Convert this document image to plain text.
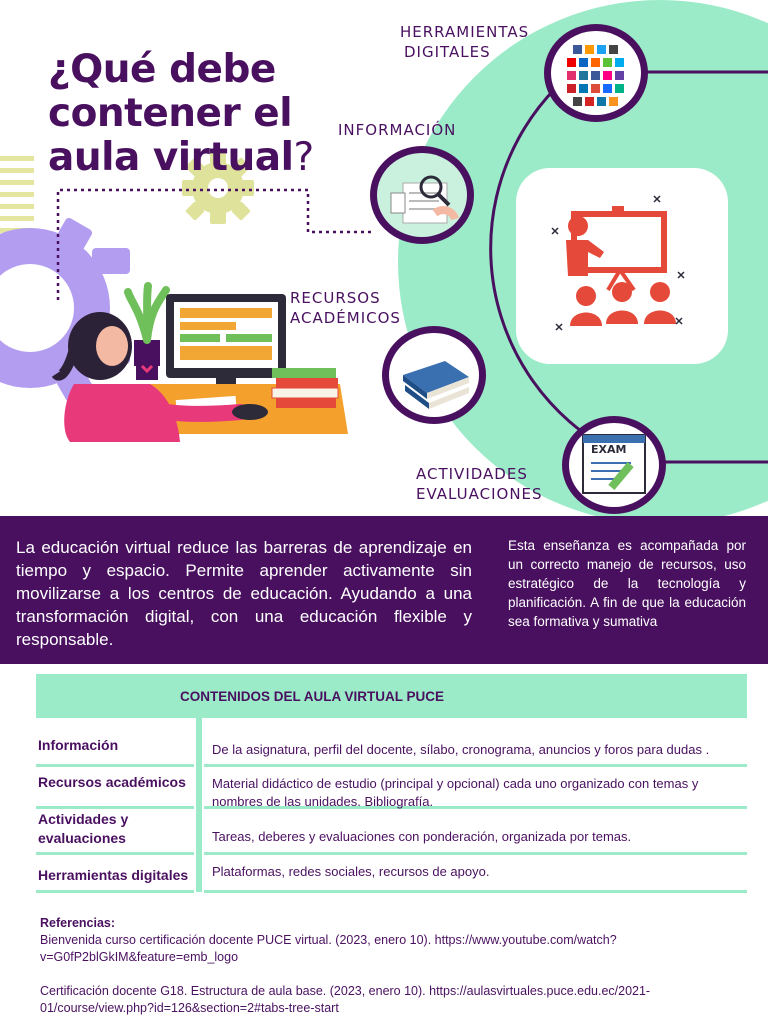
¿Qué debe
contener el
aula virtual?
HERRAMIENTAS
DIGITALES
INFORMACIÓN
RECURSOS
ACADÉMICOS
ACTIVIDADES
EVALUACIONES
EXAM
La educación virtual reduce las barreras de aprendizaje en tiempo y espacio. Permite aprender activamente sin movilizarse a los centros de educación. Ayudando a una transformación digital, con una educación flexible y responsable.
Esta enseñanza es acompañada por un correcto manejo de recursos, uso estratégico de la tecnología y planificación. A fin de que la educación sea formativa y sumativa
CONTENIDOS DEL AULA VIRTUAL PUCE
Información	De la asignatura, perfil del docente, sílabo, cronograma, anuncios y foros para dudas .
Recursos académicos Material didáctico de estudio (principal y opcional) cada uno organizado con temas y nombres de las unidades. Bibliografía.
Actividades y evaluaciones	Tareas, deberes y evaluaciones con ponderación, organizada por temas.
Herramientas digitales Plataformas, redes sociales, recursos de apoyo.

Referencias:

Bienvenida curso certificación docente PUCE virtual. (2023, enero 10). https://www.youtube.com/watch?

v=G0fP2blGkIM&feature=emb_logo

Certificación docente G18. Estructura de aula base. (2023, enero 10). https://aulasvirtuales.puce.edu.ec/2021-

01/course/view.php?id=126&section=2#tabs-tree-start
